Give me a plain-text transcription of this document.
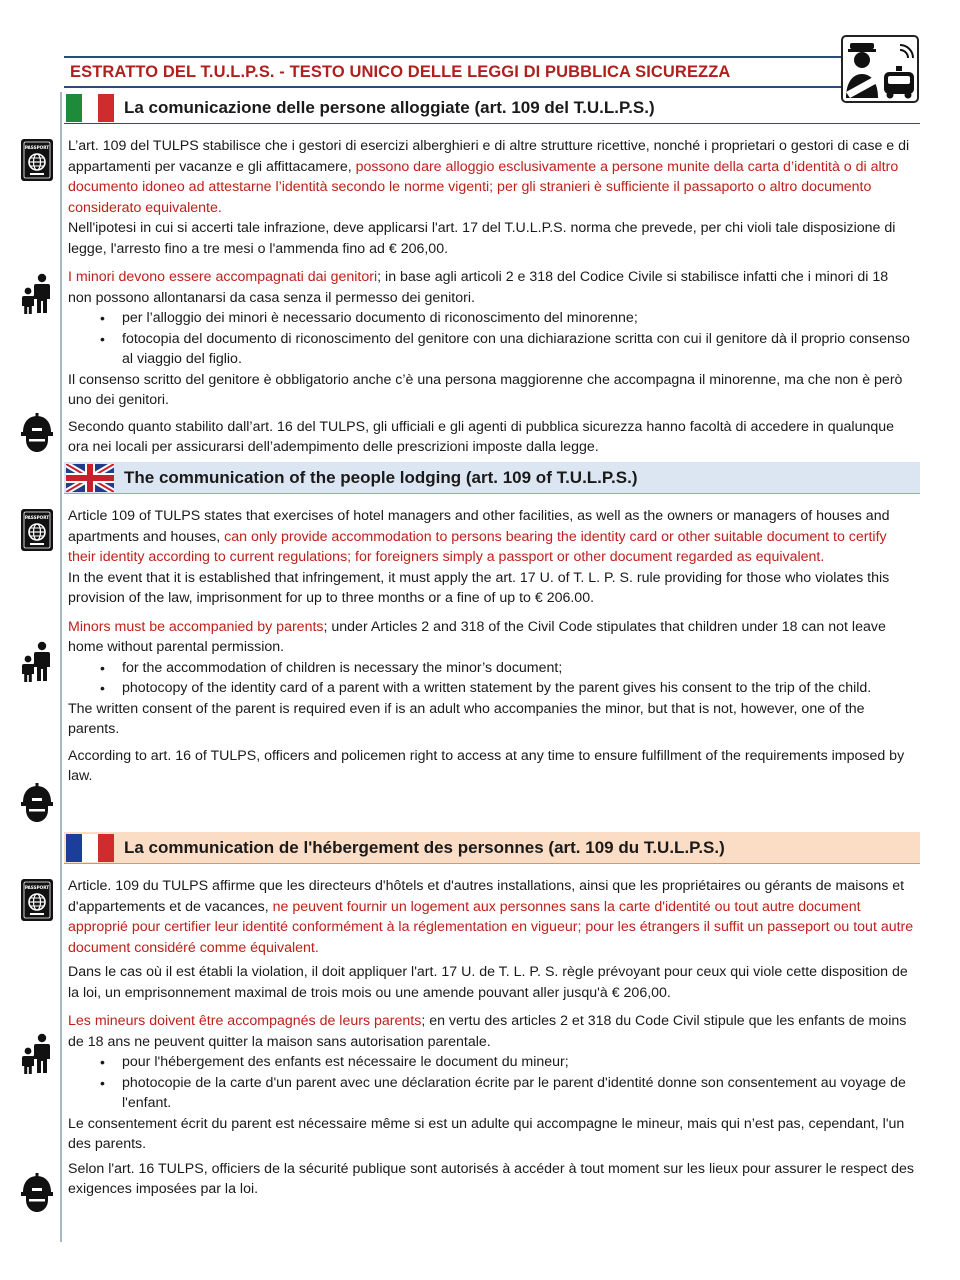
ESTRATTO DEL T.U.L.P.S. - TESTO UNICO DELLE LEGGI DI PUBBLICA SICUREZZA
La comunicazione delle persone alloggiate (art. 109 del T.U.L.P.S.)

L’art. 109 del TULPS stabilisce che i gestori di esercizi alberghieri e di altre strutture ricettive, nonché i proprietari o gestori di case e di appartamenti per vacanze e gli affittacamere, possono dare alloggio esclusivamente a persone munite della carta d’identità o di altro documento idoneo ad attestarne l’identità secondo le norme vigenti; per gli stranieri è sufficiente il passaporto o altro documento considerato equivalente.

Nell'ipotesi in cui si accerti tale infrazione, deve applicarsi l'art. 17 del T.U.L.P.S. norma che prevede, per chi violi tale disposizione di legge, l'arresto fino a tre mesi o l'ammenda fino ad € 206,00.

I minori devono essere accompagnati dai genitori; in base agli articoli 2 e 318 del Codice Civile si stabilisce infatti che i minori di 18 non possono allontanarsi da casa senza il permesso dei genitori.

• per l’alloggio dei minori è necessario documento di riconoscimento del minorenne;
• fotocopia del documento di riconoscimento del genitore con una dichiarazione scritta con cui il genitore dà il proprio consenso al viaggio del figlio.

Il consenso scritto del genitore è obbligatorio anche c’è una persona maggiorenne che accompagna il minorenne, ma che non è però uno dei genitori.

Secondo quanto stabilito dall’art. 16 del TULPS, gli ufficiali e gli agenti di pubblica sicurezza hanno facoltà di accedere in qualunque ora nei locali per assicurarsi dell’adempimento delle prescrizioni imposte dalla legge.

The communication of the people lodging (art. 109 of T.U.L.P.S.)

Article 109 of TULPS states that exercises of hotel managers and other facilities, as well as the owners or managers of houses and apartments and houses, can only provide accommodation to persons bearing the identity card or other suitable document to certify their identity according to current regulations; for foreigners simply a passport or other document regarded as equivalent.

In the event that it is established that infringement, it must apply the art. 17 U. of T. L. P. S. rule providing for those who violates this provision of the law, imprisonment for up to three months or a fine of up to € 206.00.

Minors must be accompanied by parents; under Articles 2 and 318 of the Civil Code stipulates that children under 18 can not leave home without parental permission.

• for the accommodation of children is necessary the minor’s document;
• photocopy of the identity card of a parent with a written statement by the parent gives his consent to the trip of the child.

The written consent of the parent is required even if is an adult who accompanies the minor, but that is not, however, one of the parents.

According to art. 16 of TULPS, officers and policemen right to access at any time to ensure fulfillment of the requirements imposed by law.

La communication de l'hébergement des personnes (art. 109 du T.U.L.P.S.)

Article. 109 du TULPS affirme que les directeurs d'hôtels et d'autres installations, ainsi que les propriétaires ou gérants de maisons et d'appartements et de vacances, ne peuvent fournir un logement aux personnes sans la carte d'identité ou tout autre document approprié pour certifier leur identité conformément à la réglementation en vigueur; pour les étrangers il suffit un passeport ou tout autre document considéré comme équivalent.

Dans le cas où il est établi la violation, il doit appliquer l'art. 17 U. de T. L. P. S. règle prévoyant pour ceux qui viole cette disposition de la loi, un emprisonnement maximal de trois mois ou une amende pouvant aller jusqu'à € 206,00.

Les mineurs doivent être accompagnés de leurs parents; en vertu des articles 2 et 318 du Code Civil stipule que les enfants de moins de 18 ans ne peuvent quitter la maison sans autorisation parentale.

• pour l'hébergement des enfants est nécessaire le document du mineur;
• photocopie de la carte d'un parent avec une déclaration écrite par le parent d'identité donne son consentement au voyage de l'enfant.

Le consentement écrit du parent est nécessaire même si est un adulte qui accompagne le mineur, mais qui n’est pas, cependant, l'un des parents.

Selon l'art. 16 TULPS, officiers de la sécurité publique sont autorisés à accéder à tout moment sur les lieux pour assurer le respect des exigences imposées par la loi.
